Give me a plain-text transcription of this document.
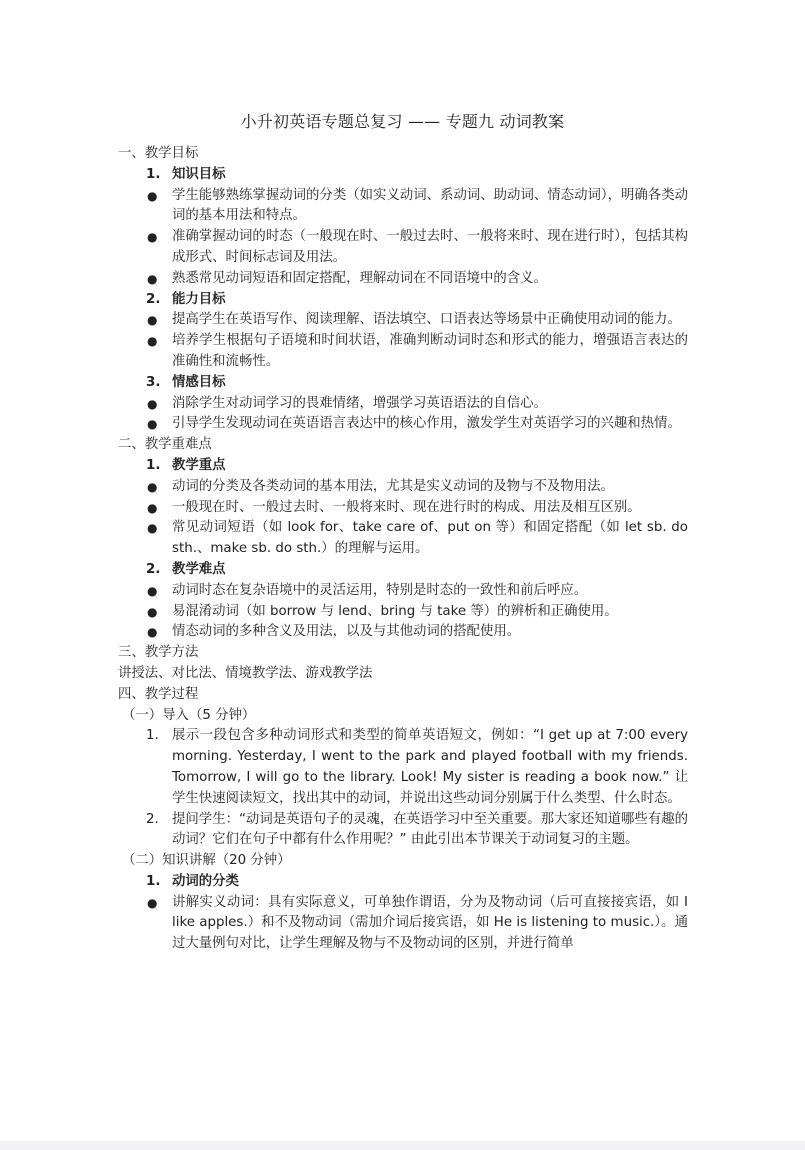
小升初英语专题总复习 —— 专题九 动词教案

一、教学目标

1. 知识目标

● 学生能够熟练掌握动词的分类（如实义动词、系动词、助动词、情态动词），明确各类动词的基本用法和特点。

● 准确掌握动词的时态（一般现在时、一般过去时、一般将来时、现在进行时），包括其构成形式、时间标志词及用法。

● 熟悉常见动词短语和固定搭配，理解动词在不同语境中的含义。

2. 能力目标

● 提高学生在英语写作、阅读理解、语法填空、口语表达等场景中正确使用动词的能力。

● 培养学生根据句子语境和时间状语，准确判断动词时态和形式的能力，增强语言表达的准确性和流畅性。

3. 情感目标

● 消除学生对动词学习的畏难情绪，增强学习英语语法的自信心。

● 引导学生发现动词在英语语言表达中的核心作用，激发学生对英语学习的兴趣和热情。

二、教学重难点

1. 教学重点

● 动词的分类及各类动词的基本用法，尤其是实义动词的及物与不及物用法。

● 一般现在时、一般过去时、一般将来时、现在进行时的构成、用法及相互区别。

● 常见动词短语（如 look for、take care of、put on 等）和固定搭配（如 let sb. do sth.、make sb. do sth.）的理解与运用。

2. 教学难点

● 动词时态在复杂语境中的灵活运用，特别是时态的一致性和前后呼应。

● 易混淆动词（如 borrow 与 lend、bring 与 take 等）的辨析和正确使用。

● 情态动词的多种含义及用法，以及与其他动词的搭配使用。

三、教学方法

讲授法、对比法、情境教学法、游戏教学法

四、教学过程

（一）导入（5 分钟）

1. 展示一段包含多种动词形式和类型的简单英语短文，例如：“I get up at 7:00 every morning. Yesterday, I went to the park and played football with my friends. Tomorrow, I will go to the library. Look! My sister is reading a book now.” 让学生快速阅读短文，找出其中的动词，并说出这些动词分别属于什么类型、什么时态。

2. 提问学生：“动词是英语句子的灵魂，在英语学习中至关重要。那大家还知道哪些有趣的动词？它们在句子中都有什么作用呢？” 由此引出本节课关于动词复习的主题。

（二）知识讲解（20 分钟）

1. 动词的分类

● 讲解实义动词：具有实际意义，可单独作谓语，分为及物动词（后可直接接宾语，如 I like apples.）和不及物动词（需加介词后接宾语，如 He is listening to music.）。通过大量例句对比，让学生理解及物与不及物动词的区别，并进行简单
